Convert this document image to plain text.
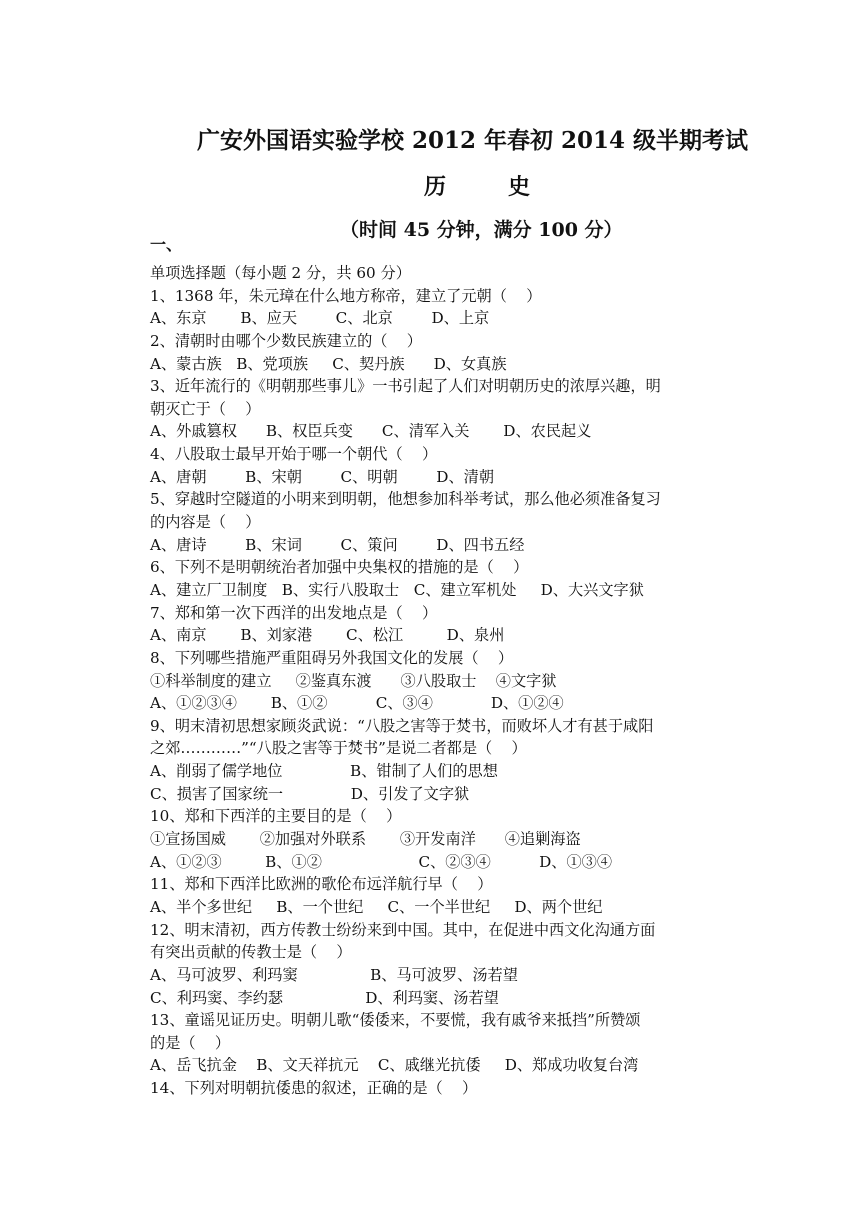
广安外国语实验学校 2012 年春初 2014 级半期考试
历	史
（时间 45 分钟，满分 100 分）
一、
单项选择题（每小题 2 分，共 60 分）
1、1368 年，朱元璋在什么地方称帝，建立了元朝（    ）
A、东京       B、应天        C、北京        D、上京
2、清朝时由哪个少数民族建立的（    ）
A、蒙古族   B、党项族     C、契丹族      D、女真族
3、近年流行的《明朝那些事儿》一书引起了人们对明朝历史的浓厚兴趣，明
朝灭亡于（    ）
A、外戚篡权      B、权臣兵变      C、清军入关       D、农民起义
4、八股取士最早开始于哪一个朝代（    ）
A、唐朝        B、宋朝        C、明朝        D、清朝
5、穿越时空隧道的小明来到明朝，他想参加科举考试，那么他必须准备复习
的内容是（    ）
A、唐诗        B、宋词        C、策问        D、四书五经
6、下列不是明朝统治者加强中央集权的措施的是（    ）
A、建立厂卫制度   B、实行八股取士   C、建立军机处     D、大兴文字狱
7、郑和第一次下西洋的出发地点是（    ）
A、南京       B、刘家港       C、松江         D、泉州
8、下列哪些措施严重阻碍另外我国文化的发展（    ）
①科举制度的建立     ②鉴真东渡      ③八股取士    ④文字狱
A、①②③④       B、①②          C、③④            D、①②④
9、明末清初思想家顾炎武说：“八股之害等于焚书，而败坏人才有甚于咸阳
之郊…………”“八股之害等于焚书”是说二者都是（    ）
A、削弱了儒学地位              B、钳制了人们的思想
C、损害了国家统一              D、引发了文字狱
10、郑和下西洋的主要目的是（    ）
①宣扬国威       ②加强对外联系       ③开发南洋      ④追剿海盗
A、①②③         B、①②                    C、②③④          D、①③④
11、郑和下西洋比欧洲的歌伦布远洋航行早（    ）
A、半个多世纪     B、一个世纪     C、一个半世纪     D、两个世纪
12、明末清初，西方传教士纷纷来到中国。其中，在促进中西文化沟通方面
有突出贡献的传教士是（    ）
A、马可波罗、利玛窦               B、马可波罗、汤若望
C、利玛窦、李约瑟                 D、利玛窦、汤若望
13、童谣见证历史。明朝儿歌“倭倭来，不要慌，我有戚爷来抵挡”所赞颂
的是（    ）
A、岳飞抗金    B、文天祥抗元    C、戚继光抗倭     D、郑成功收复台湾
14、下列对明朝抗倭患的叙述，正确的是（    ）
